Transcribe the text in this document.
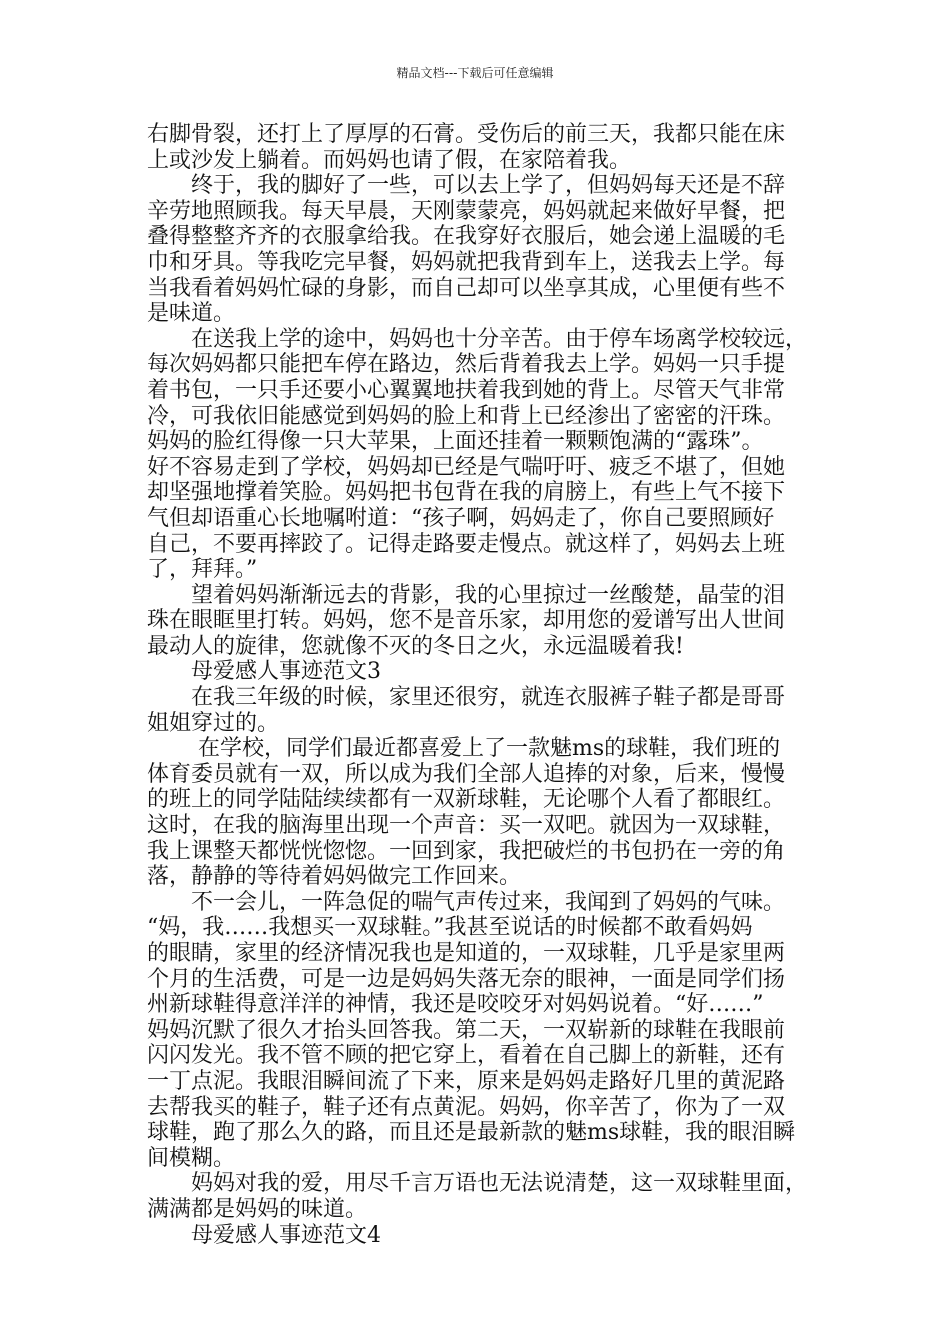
精品文档---下载后可任意编辑
右脚骨裂，还打上了厚厚的石膏。受伤后的前三天，我都只能在床
上或沙发上躺着。而妈妈也请了假，在家陪着我。
　　终于，我的脚好了一些，可以去上学了，但妈妈每天还是不辞
辛劳地照顾我。每天早晨，天刚蒙蒙亮，妈妈就起来做好早餐，把
叠得整整齐齐的衣服拿给我。在我穿好衣服后，她会递上温暖的毛
巾和牙具。等我吃完早餐，妈妈就把我背到车上，送我去上学。每
当我看着妈妈忙碌的身影，而自己却可以坐享其成，心里便有些不
是味道。
　　在送我上学的途中，妈妈也十分辛苦。由于停车场离学校较远，
每次妈妈都只能把车停在路边，然后背着我去上学。妈妈一只手提
着书包，一只手还要小心翼翼地扶着我到她的背上。尽管天气非常
冷，可我依旧能感觉到妈妈的脸上和背上已经渗出了密密的汗珠。
妈妈的脸红得像一只大苹果，上面还挂着一颗颗饱满的“露珠”。
好不容易走到了学校，妈妈却已经是气喘吁吁、疲乏不堪了，但她
却坚强地撑着笑脸。妈妈把书包背在我的肩膀上，有些上气不接下
气但却语重心长地嘱咐道：“孩子啊，妈妈走了，你自己要照顾好
自己，不要再摔跤了。记得走路要走慢点。就这样了，妈妈去上班
了，拜拜。”
　　望着妈妈渐渐远去的背影，我的心里掠过一丝酸楚，晶莹的泪
珠在眼眶里打转。妈妈，您不是音乐家，却用您的爱谱写出人世间
最动人的旋律，您就像不灭的冬日之火，永远温暖着我!
　　母爱感人事迹范文3
　　在我三年级的时候，家里还很穷，就连衣服裤子鞋子都是哥哥
姐姐穿过的。
　　 在学校，同学们最近都喜爱上了一款魅ms的球鞋，我们班的
体育委员就有一双，所以成为我们全部人追捧的对象，后来，慢慢
的班上的同学陆陆续续都有一双新球鞋，无论哪个人看了都眼红。
这时，在我的脑海里出现一个声音：买一双吧。就因为一双球鞋，
我上课整天都恍恍惚惚。一回到家，我把破烂的书包扔在一旁的角
落，静静的等待着妈妈做完工作回来。
　　不一会儿，一阵急促的喘气声传过来，我闻到了妈妈的气味。
“妈，我……我想买一双球鞋。”我甚至说话的时候都不敢看妈妈
的眼睛，家里的经济情况我也是知道的，一双球鞋，几乎是家里两
个月的生活费，可是一边是妈妈失落无奈的眼神，一面是同学们扬
州新球鞋得意洋洋的神情，我还是咬咬牙对妈妈说着。“好……”
妈妈沉默了很久才抬头回答我。第二天，一双崭新的球鞋在我眼前
闪闪发光。我不管不顾的把它穿上，看着在自己脚上的新鞋，还有
一丁点泥。我眼泪瞬间流了下来，原来是妈妈走路好几里的黄泥路
去帮我买的鞋子，鞋子还有点黄泥。妈妈，你辛苦了，你为了一双
球鞋，跑了那么久的路，而且还是最新款的魅ms球鞋，我的眼泪瞬
间模糊。
　　妈妈对我的爱，用尽千言万语也无法说清楚，这一双球鞋里面，
满满都是妈妈的味道。
　　母爱感人事迹范文4
